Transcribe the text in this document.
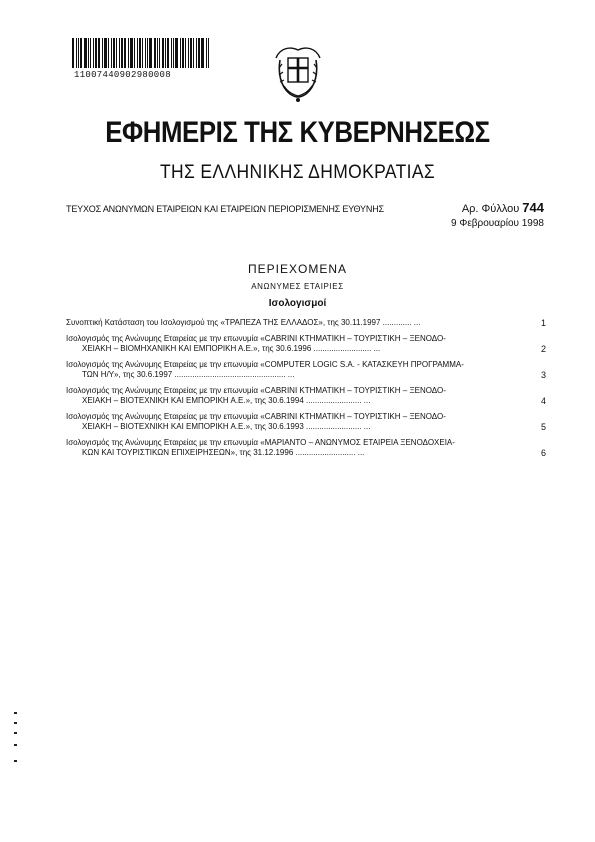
11007440902980008
ΕΦΗΜΕΡΙΣ ΤΗΣ ΚΥΒΕΡΝΗΣΕΩΣ
ΤΗΣ ΕΛΛΗΝΙΚΗΣ ΔΗΜΟΚΡΑΤΙΑΣ
ΤΕΥΧΟΣ ΑΝΩΝΥΜΩΝ ΕΤΑΙΡΕΙΩΝ ΚΑΙ ΕΤΑΙΡΕΙΩΝ ΠΕΡΙΟΡΙΣΜΕΝΗΣ ΕΥΘΥΝΗΣ	Αρ. Φύλλου 744
9 Φεβρουαρίου 1998
ΠΕΡΙΕΧΟΜΕΝΑ
ΑΝΩΝΥΜΕΣ ΕΤΑΙΡΙΕΣ
Ισολογισμοί
Συνοπτική Κατάσταση του Ισολογισμού της «ΤΡΑΠΕΖΑ ΤΗΣ ΕΛΛΑΔΟΣ», της 30.11.1997 ............. ...	1
Ισολογισμός της Ανώνυμης Εταιρείας με την επωνυμία «CABRINI ΚΤΗΜΑΤΙΚΗ – ΤΟΥΡΙΣΤΙΚΗ – ΞΕΝΟΔΟ-
ΧΕΙΑΚΗ – ΒΙΟΜΗΧΑΝΙΚΗ ΚΑΙ ΕΜΠΟΡΙΚΗ Α.Ε.», της 30.6.1996 .......................... ...	2
Ισολογισμός της Ανώνυμης Εταιρείας με την επωνυμία «COMPUTER LOGIC S.A. - ΚΑΤΑΣΚΕΥΗ ΠΡΟΓΡΑΜΜΑ-
ΤΩΝ Η/Υ», της 30.6.1997 .................................................. ...	3
Ισολογισμός της Ανώνυμης Εταιρείας με την επωνυμία «CABRINI ΚΤΗΜΑΤΙΚΗ – ΤΟΥΡΙΣΤΙΚΗ – ΞΕΝΟΔΟ-
ΧΕΙΑΚΗ – ΒΙΟΤΕΧΝΙΚΗ ΚΑΙ ΕΜΠΟΡΙΚΗ Α.Ε.», της 30.6.1994 ......................... ...	4
Ισολογισμός της Ανώνυμης Εταιρείας με την επωνυμία «CABRINI ΚΤΗΜΑΤΙΚΗ – ΤΟΥΡΙΣΤΙΚΗ – ΞΕΝΟΔΟ-
ΧΕΙΑΚΗ – ΒΙΟΤΕΧΝΙΚΗ ΚΑΙ ΕΜΠΟΡΙΚΗ Α.Ε.», της 30.6.1993 ......................... ...	5
Ισολογισμός της Ανώνυμης Εταιρείας με την επωνυμία «ΜΑΡΙΑΝΤΟ – ΑΝΩΝΥΜΟΣ ΕΤΑΙΡΕΙΑ ΞΕΝΟΔΟΧΕΙΑ-
ΚΩΝ ΚΑΙ ΤΟΥΡΙΣΤΙΚΩΝ ΕΠΙΧΕΙΡΗΣΕΩΝ», της 31.12.1996 ........................... ...	6
